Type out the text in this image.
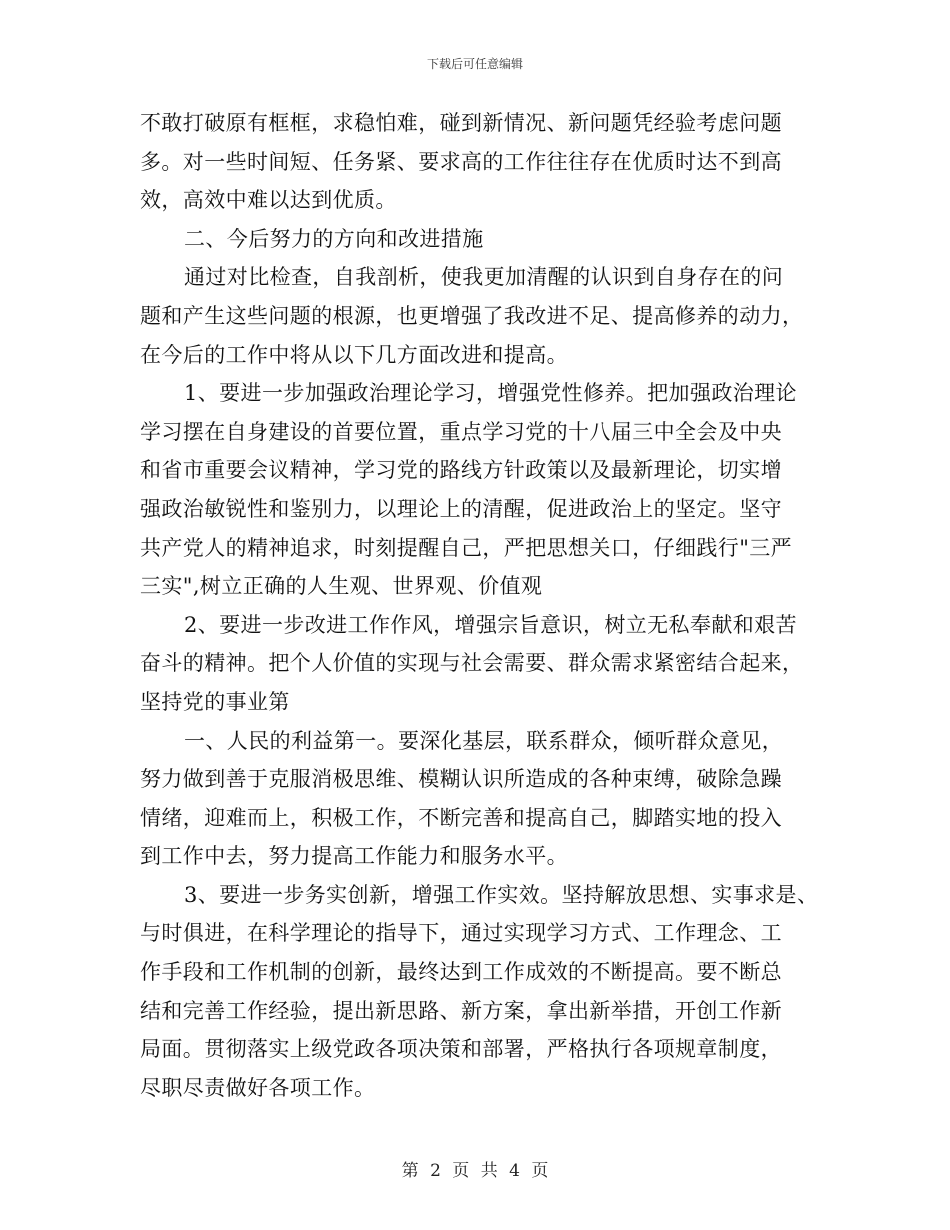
下载后可任意编辑
不敢打破原有框框，求稳怕难，碰到新情况、新问题凭经验考虑问题
多。对一些时间短、任务紧、要求高的工作往往存在优质时达不到高
效，高效中难以达到优质。
二、今后努力的方向和改进措施
通过对比检查，自我剖析，使我更加清醒的认识到自身存在的问
题和产生这些问题的根源，也更增强了我改进不足、提高修养的动力，
在今后的工作中将从以下几方面改进和提高。
1、要进一步加强政治理论学习，增强党性修养。把加强政治理论
学习摆在自身建设的首要位置，重点学习党的十八届三中全会及中央
和省市重要会议精神，学习党的路线方针政策以及最新理论，切实增
强政治敏锐性和鉴别力，以理论上的清醒，促进政治上的坚定。坚守
共产党人的精神追求，时刻提醒自己，严把思想关口，仔细践行"三严
三实",树立正确的人生观、世界观、价值观
2、要进一步改进工作作风，增强宗旨意识，树立无私奉献和艰苦
奋斗的精神。把个人价值的实现与社会需要、群众需求紧密结合起来，
坚持党的事业第
一、人民的利益第一。要深化基层，联系群众，倾听群众意见，
努力做到善于克服消极思维、模糊认识所造成的各种束缚，破除急躁
情绪，迎难而上，积极工作，不断完善和提高自己，脚踏实地的投入
到工作中去，努力提高工作能力和服务水平。
3、要进一步务实创新，增强工作实效。坚持解放思想、实事求是、
与时俱进，在科学理论的指导下，通过实现学习方式、工作理念、工
作手段和工作机制的创新，最终达到工作成效的不断提高。要不断总
结和完善工作经验，提出新思路、新方案，拿出新举措，开创工作新
局面。贯彻落实上级党政各项决策和部署，严格执行各项规章制度，
尽职尽责做好各项工作。
第 2 页 共 4 页
